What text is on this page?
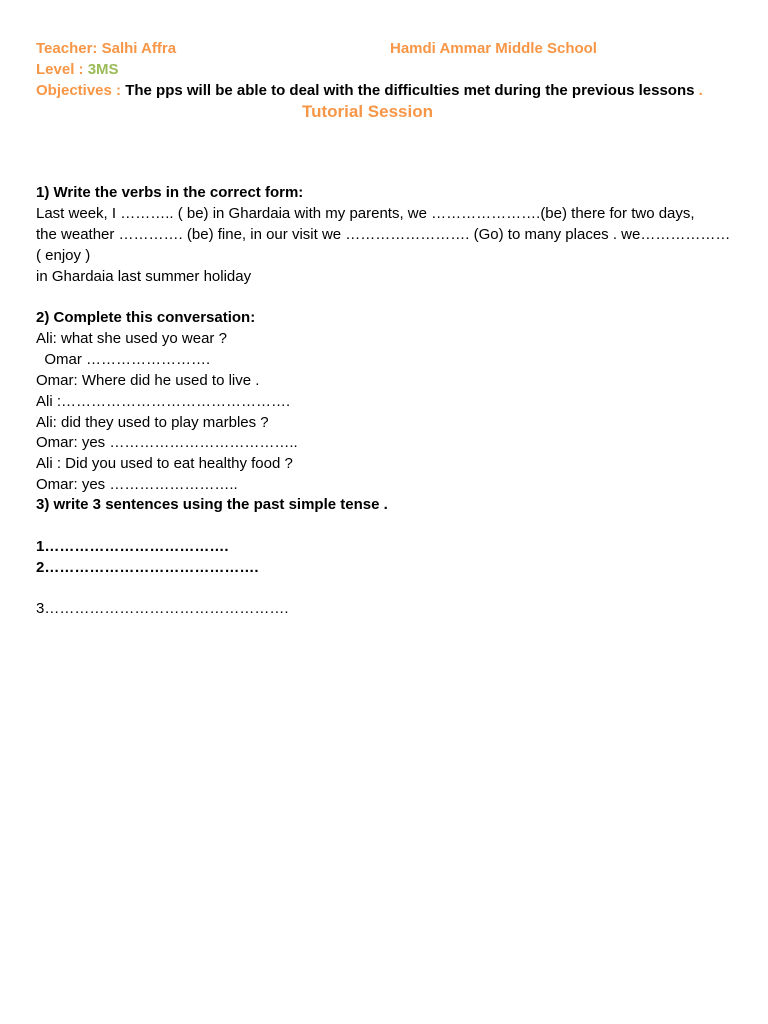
Teacher: Salhi Affra	Hamdi Ammar Middle School
Level : 3MS
Objectives : The pps will be able to deal with the difficulties met during the previous lessons .
Tutorial Session
1) Write the verbs in the correct form:
Last week, I ……….. ( be) in Ghardaia with my parents, we ………………….(be) there for two days,
the weather …………. (be) fine, in our visit we ……………………. (Go) to many places . we………………
( enjoy )
in Ghardaia last summer holiday
2) Complete this conversation:
Ali: what she used yo wear ?
Omar …………………….
Omar: Where did he used to live .
Ali :……………………………………….
Ali: did they used to play marbles ?
Omar: yes ………………………………..
Ali : Did you used to eat healthy food ?
Omar: yes ……………………..
3) write 3 sentences using the past simple tense .
1……………………………….
2…………………………………….
3………………………………………….
